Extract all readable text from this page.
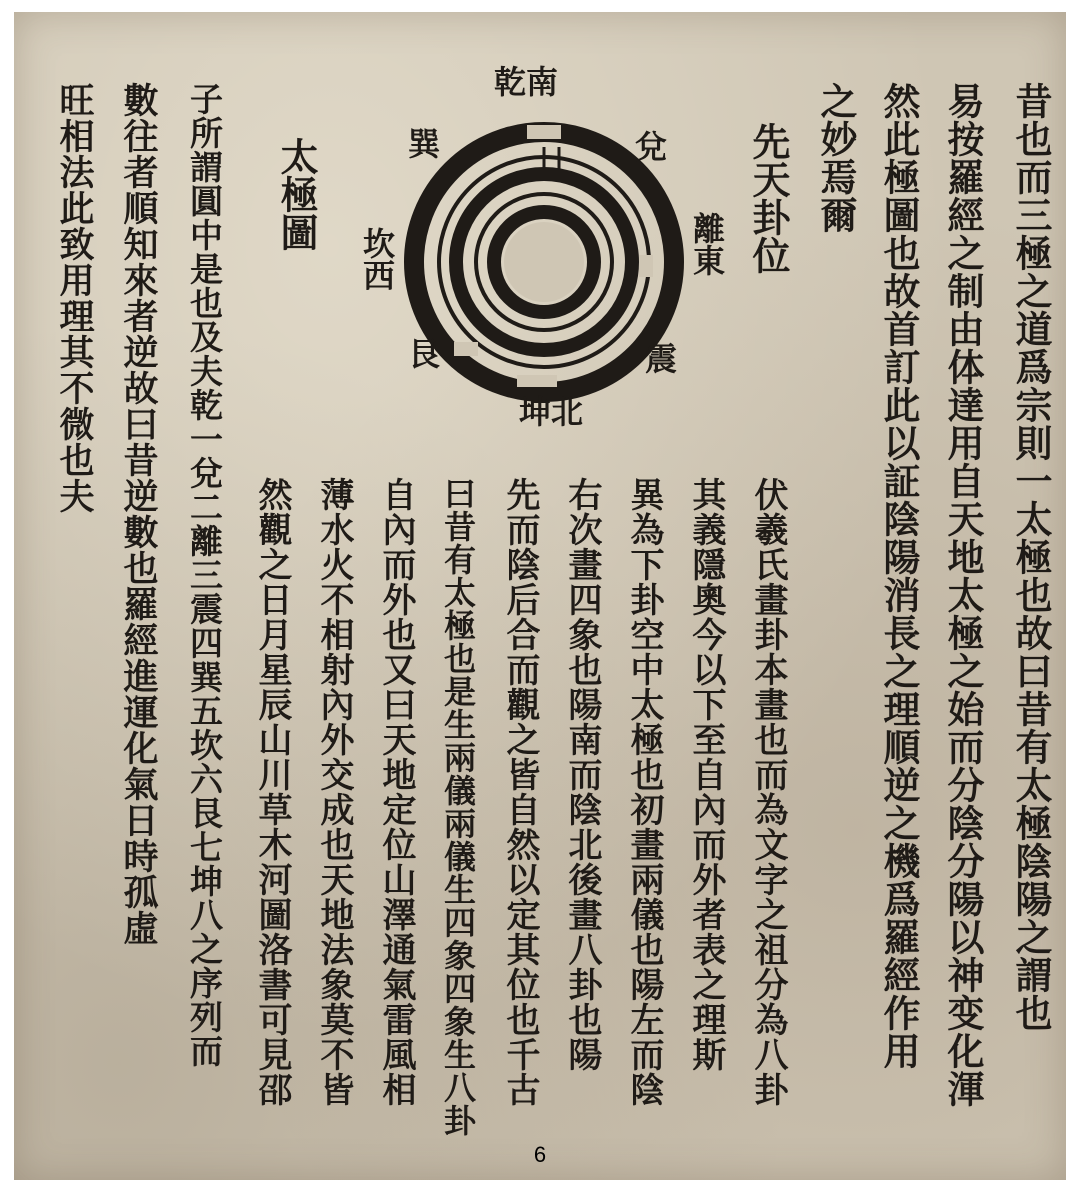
昔也而三極之道爲宗則一太極也故曰昔有太極陰陽之謂也
易按羅經之制由体達用自天地太極之始而分陰分陽以神变化渾
然此極圖也故首訂此以証陰陽消長之理順逆之機爲羅經作用
之妙焉爾
先天卦位
乾南
兌
離東
震
坤北
艮
坎西
巽
太極圖
伏羲氏畫卦本畫也而為文字之祖分為八卦
其義隱奧今以下至自內而外者表之理斯
異為下卦空中太極也初畫兩儀也陽左而陰
右次畫四象也陽南而陰北後畫八卦也陽
先而陰后合而觀之皆自然以定其位也千古
曰昔有太極也是生兩儀兩儀生四象四象生八卦
自內而外也又曰天地定位山澤通氣雷風相
薄水火不相射內外交成也天地法象莫不皆
然觀之日月星辰山川草木河圖洛書可見邵
子所謂圓中是也及夫乾一兌二離三震四巽五坎六艮七坤八之序列而
數往者順知來者逆故曰昔逆數也羅經進運化氣日時孤虛
旺相法此致用理其不微也夫
6
